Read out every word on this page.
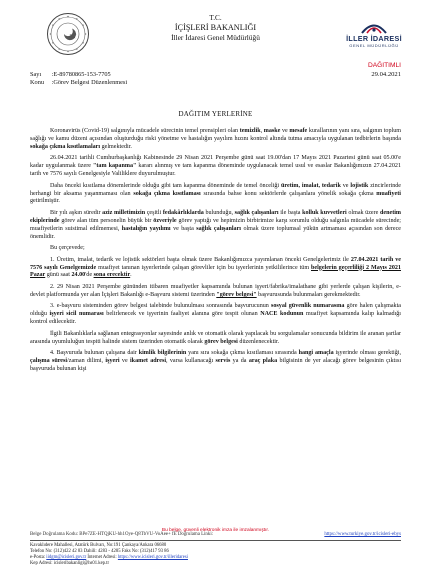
T.C.
İÇİŞLERİ BAKANLIĞI
İller İdaresi Genel Müdürlüğü	İLLER İDARESİ
GENEL MÜDÜRLÜĞÜ
DAĞITIMLI
29.04.2021
Sayı :E-89780865-153-7705
Konu :Görev Belgesi Düzenlenmesi
DAĞITIM YERLERİNE

Koronavirüs (Covid-19) salgınıyla mücadele sürecinin temel prensipleri olan temizlik, maske ve mesafe kurallarının yanı sıra, salgının toplum sağlığı ve kamu düzeni açısından oluşturduğu riski yönetme ve hastalığın yayılım hızını kontrol altında tutma amacıyla uygulanan tedbirlerin başında sokağa çıkma kısıtlamaları gelmektedir.

26.04.2021 tarihli Cumhurbaşkanlığı Kabinesinde 29 Nisan 2021 Perşembe günü saat 19.00'dan 17 Mayıs 2021 Pazartesi günü saat 05.00'e kadar uygulanmak üzere "tam kapanma" kararı alınmış ve tam kapanma döneminde uygulanacak temel usul ve esaslar Bakanlığımızın 27.04.2021 tarih ve 7576 sayılı Genelgesiyle Valiliklere duyurulmuştur.

Daha önceki kısıtlama dönemlerinde olduğu gibi tam kapanma döneminde de temel önceliği üretim, imalat, tedarik ve lojistik zincirlerinde herhangi bir aksama yaşanmaması olan sokağa çıkma kısıtlaması sırasında bahse konu sektörlerde çalışanlara yönelik sokağa çıkma muafiyeti getirilmiştir.

Bir yılı aşkın süredir aziz milletimizin çeşitli fedakârlıklarda bulunduğu, sağlık çalışanları ile başta kolluk kuvvetleri olmak üzere denetim ekiplerinde görev alan tüm personelin büyük bir özveriyle görev yaptığı ve hepimizin birbirimize karşı sorumlu olduğu salgınla mücadele sürecinde; muafiyetlerin suistimal edilmemesi, hastalığın yayılımı ve başta sağlık çalışanları olmak üzere toplumsal yükün artmaması açısından son derece önemlidir.

Bu çerçevede;

1. Üretim, imalat, tedarik ve lojistik sektörleri başta olmak üzere Bakanlığımızca yayımlanan önceki Genelgelerimiz ile 27.04.2021 tarih ve 7576 sayılı Genelgemizde muafiyet tanınan işyerlerinde çalışan görevliler için bu işyerlerinin yetkililerince tüm belgelerin geçerliliği 2 Mayıs 2021 Pazar günü saat 24.00'de sona erecektir.

2. 29 Nisan 2021 Perşembe gününden itibaren muafiyetler kapsamında bulunan işyeri/fabrika/imalathane gibi yerlerde çalışan kişilerin, e-devlet platformunda yer alan İçişleri Bakanlığı e-Başvuru sistemi üzerinden "görev belgesi" başvurusunda bulunmaları gerekmektedir.

3. e-başvuru sisteminden görev belgesi talebinde bulunulması sonrasında başvurucunun sosyal güvenlik numarasına göre halen çalışmakta olduğu işyeri sicil numarası belirlenecek ve işyerinin faaliyet alanına göre tespit olunan NACE kodunun muafiyet kapsamında kalıp kalmadığı kontrol edilecektir.

İlgili Bakanlıklarla sağlanan entegrasyonlar sayesinde anlık ve otomatik olarak yapılacak bu sorgulamalar sonucunda bildirim ile aranan şartlar arasında uyumluluğun tespiti halinde sistem üzerinden otomatik olarak görev belgesi düzenlenecektir.

4. Başvuruda bulunan çalışana dair kimlik bilgilerinin yanı sıra sokağa çıkma kısıtlaması sırasında hangi amaçla işyerinde olması gerektiği, çalışma süresi/zaman dilimi, işyeri ve ikamet adresi, varsa kullanacağı servis ya da araç plaka bilgisinin de yer alacağı görev belgesinin çıktısı başvuruda bulunan kişi

Bu belge, güvenli elektronik imza ile imzalanmıştır.
Belge Doğrulama Kodu: BPe7ZE-HTQjKU-hh1Oye-Q8TbVU-VoAee+ fE Doğrulama Linki:	https://www.turkiye.gov.tr/icisleri-ebys
Kavaklıdere Mahallesi, Atatürk Bulvarı, No:191 Çankaya/Ankara 06680
Telefon No: (312)422 42 83 Dahili: 4283 - 4285 Faks No: (312)417 93 86
e-Posta: iidgm@icisleri.gov.tr İnternet Adresi: https://www.icisleri.gov.tr/illeridaresi
Kep Adresi: icisleribakanligi@hs01.kep.tr
